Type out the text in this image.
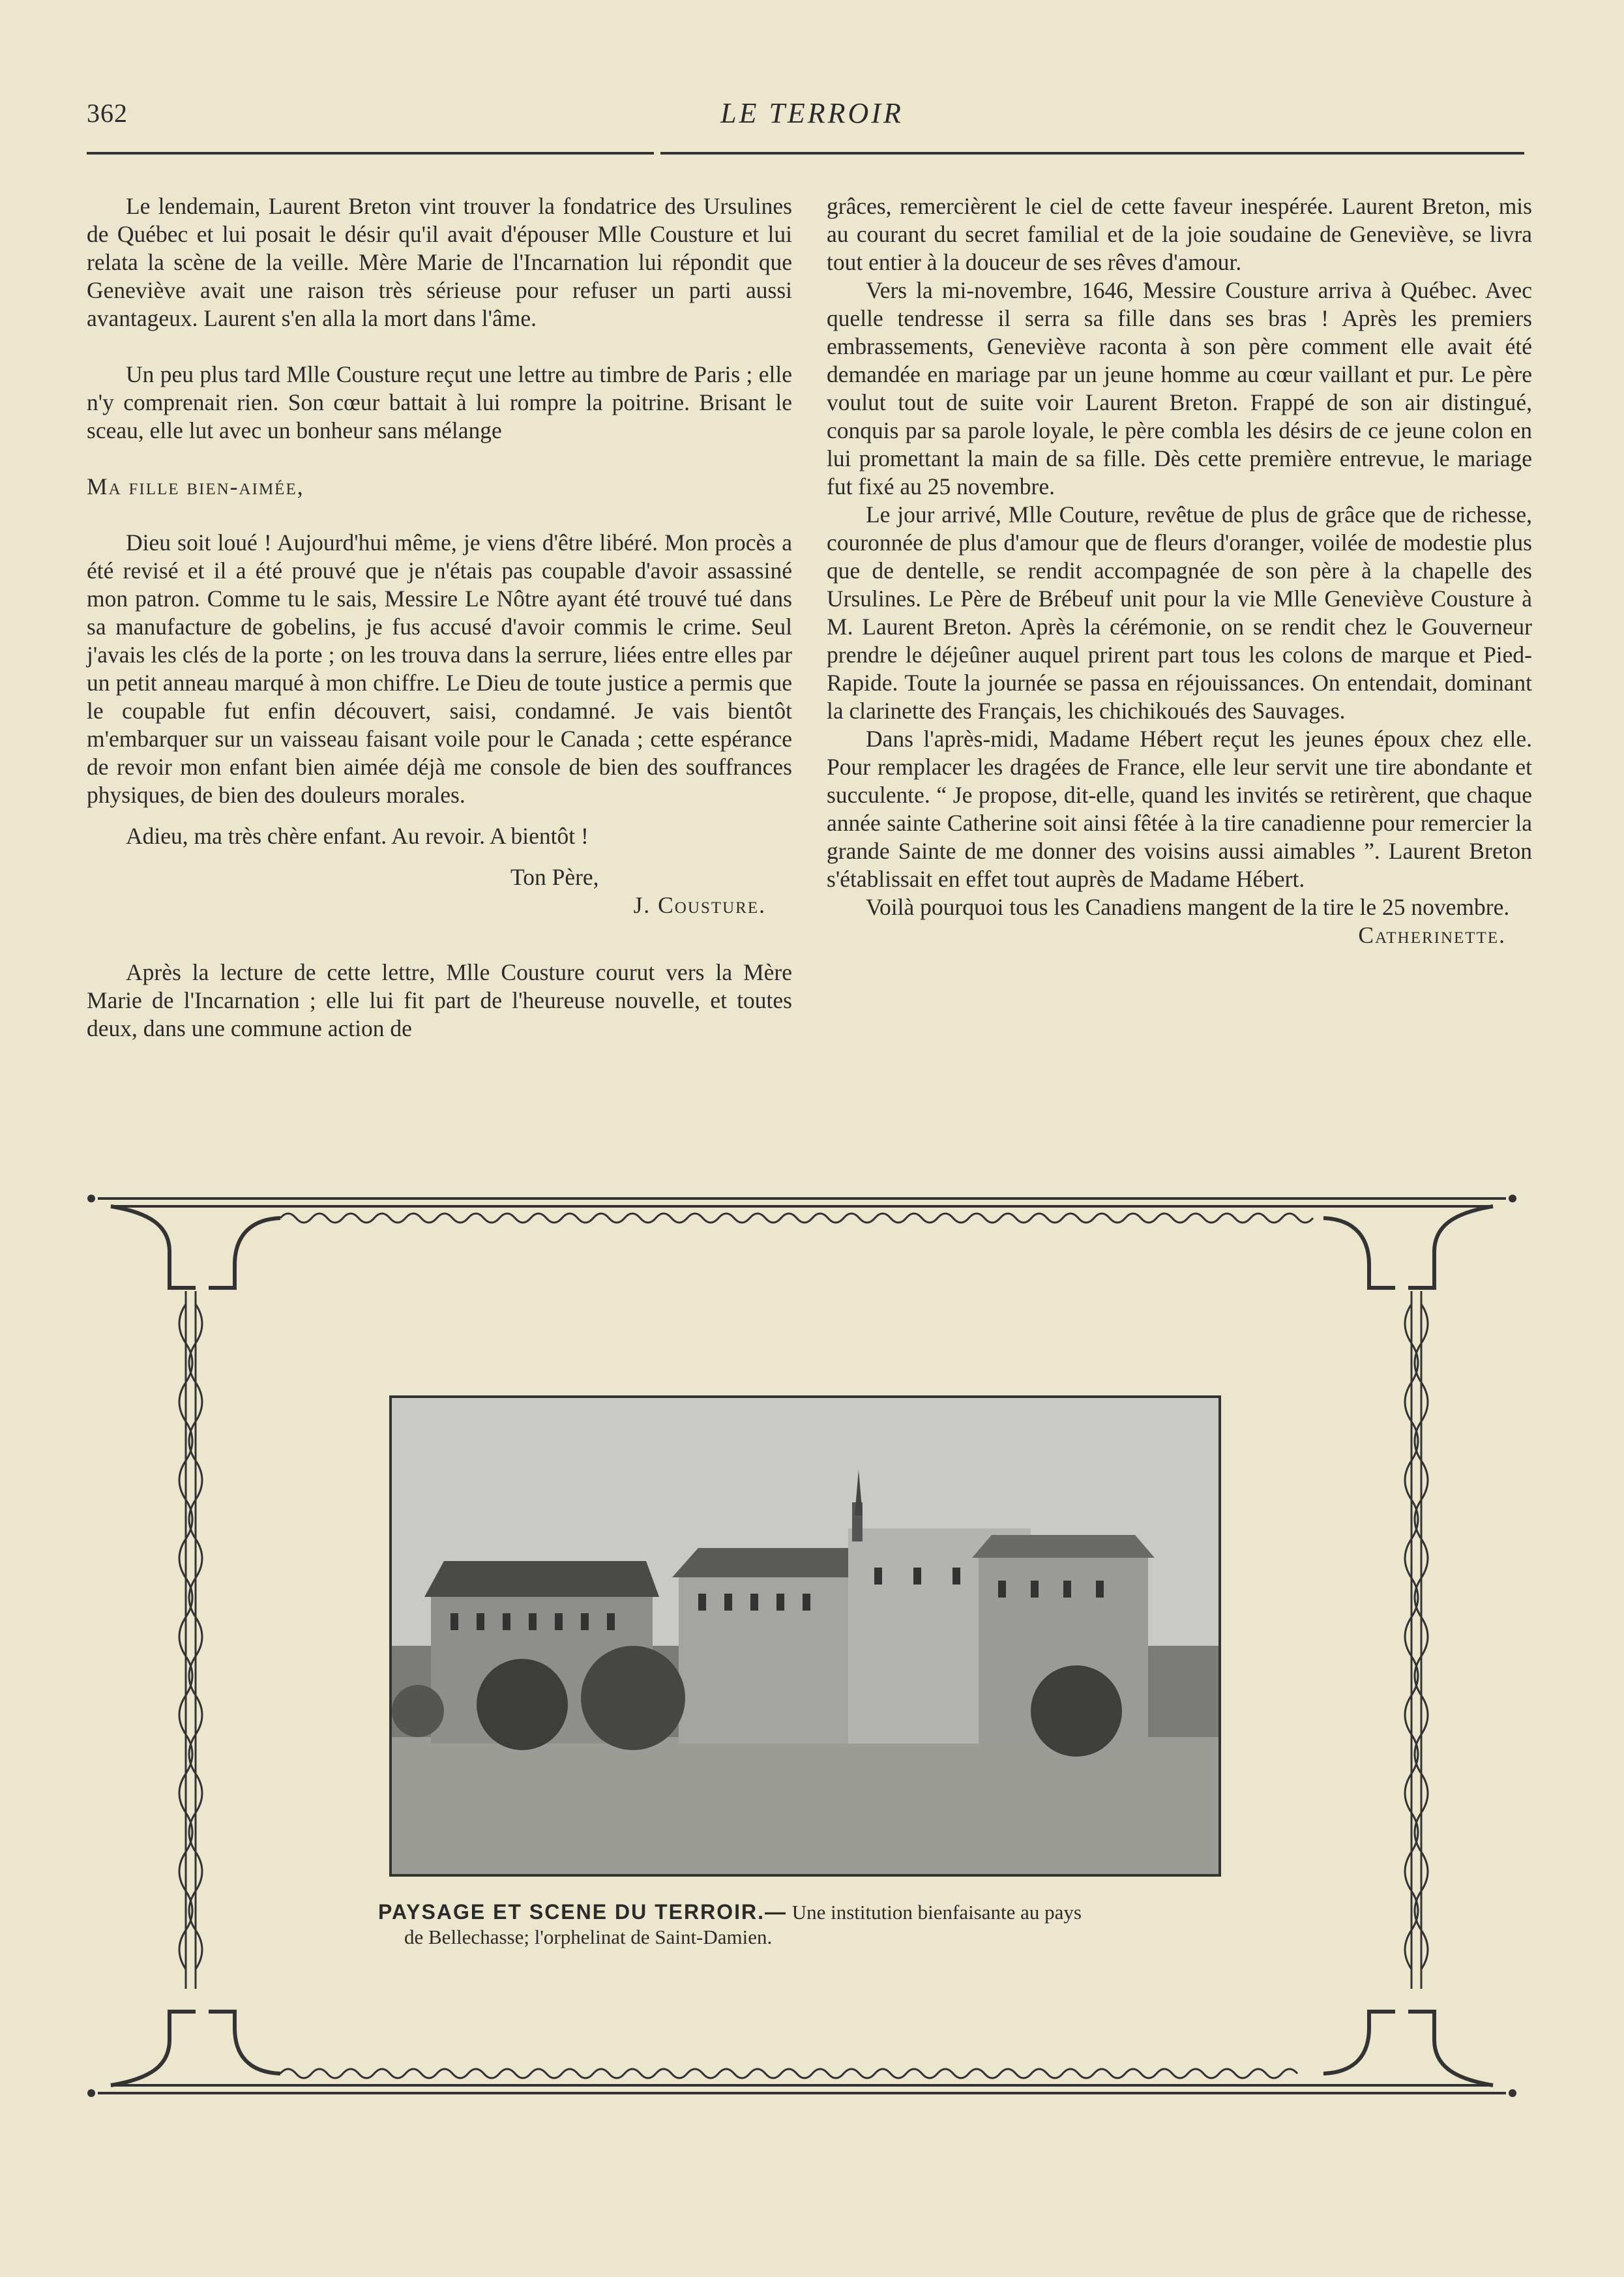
362	LE TERROIR

Le lendemain, Laurent Breton vint trouver la fondatrice des Ursulines de Québec et lui posait le désir qu'il avait d'épouser Mlle Cousture et lui relata la scène de la veille. Mère Marie de l'Incarnation lui répondit que Geneviève avait une raison très sérieuse pour refuser un parti aussi avantageux. Laurent s'en alla la mort dans l'âme.

Un peu plus tard Mlle Cousture reçut une lettre au timbre de Paris ; elle n'y comprenait rien. Son cœur battait à lui rompre la poitrine. Brisant le sceau, elle lut avec un bonheur sans mélange

Ma fille bien-aimée,

Dieu soit loué ! Aujourd'hui même, je viens d'être libéré. Mon procès a été revisé et il a été prouvé que je n'étais pas coupable d'avoir assassiné mon patron. Comme tu le sais, Messire Le Nôtre ayant été trouvé tué dans sa manufacture de gobelins, je fus accusé d'avoir commis le crime. Seul j'avais les clés de la porte ; on les trouva dans la serrure, liées entre elles par un petit anneau marqué à mon chiffre. Le Dieu de toute justice a permis que le coupable fut enfin découvert, saisi, condamné. Je vais bientôt m'embarquer sur un vaisseau faisant voile pour le Canada ; cette espérance de revoir mon enfant bien aimée déjà me console de bien des souffrances physiques, de bien des douleurs morales.

Adieu, ma très chère enfant. Au revoir. A bientôt !

Ton Père,

J. Cousture.

Après la lecture de cette lettre, Mlle Cousture courut vers la Mère Marie de l'Incarnation ; elle lui fit part de l'heureuse nouvelle, et toutes deux, dans une commune action de

grâces, remercièrent le ciel de cette faveur inespérée. Laurent Breton, mis au courant du secret familial et de la joie soudaine de Geneviève, se livra tout entier à la douceur de ses rêves d'amour.

Vers la mi-novembre, 1646, Messire Cousture arriva à Québec. Avec quelle tendresse il serra sa fille dans ses bras ! Après les premiers embrassements, Geneviève raconta à son père comment elle avait été demandée en mariage par un jeune homme au cœur vaillant et pur. Le père voulut tout de suite voir Laurent Breton. Frappé de son air distingué, conquis par sa parole loyale, le père combla les désirs de ce jeune colon en lui promettant la main de sa fille. Dès cette première entrevue, le mariage fut fixé au 25 novembre.

Le jour arrivé, Mlle Couture, revêtue de plus de grâce que de richesse, couronnée de plus d'amour que de fleurs d'oranger, voilée de modestie plus que de dentelle, se rendit accompagnée de son père à la chapelle des Ursulines. Le Père de Brébeuf unit pour la vie Mlle Geneviève Cousture à M. Laurent Breton. Après la cérémonie, on se rendit chez le Gouverneur prendre le déjeûner auquel prirent part tous les colons de marque et Pied-Rapide. Toute la journée se passa en réjouissances. On entendait, dominant la clarinette des Français, les chichikoués des Sauvages.

Dans l'après-midi, Madame Hébert reçut les jeunes époux chez elle. Pour remplacer les dragées de France, elle leur servit une tire abondante et succulente. “ Je propose, dit-elle, quand les invités se retirèrent, que chaque année sainte Catherine soit ainsi fêtée à la tire canadienne pour remercier la grande Sainte de me donner des voisins aussi aimables ”. Laurent Breton s'établissait en effet tout auprès de Madame Hébert.

Voilà pourquoi tous les Canadiens mangent de la tire le 25 novembre.

Catherinette.

PAYSAGE ET SCENE DU TERROIR.— Une institution bienfaisante au pays
de Bellechasse; l'orphelinat de Saint-Damien.
